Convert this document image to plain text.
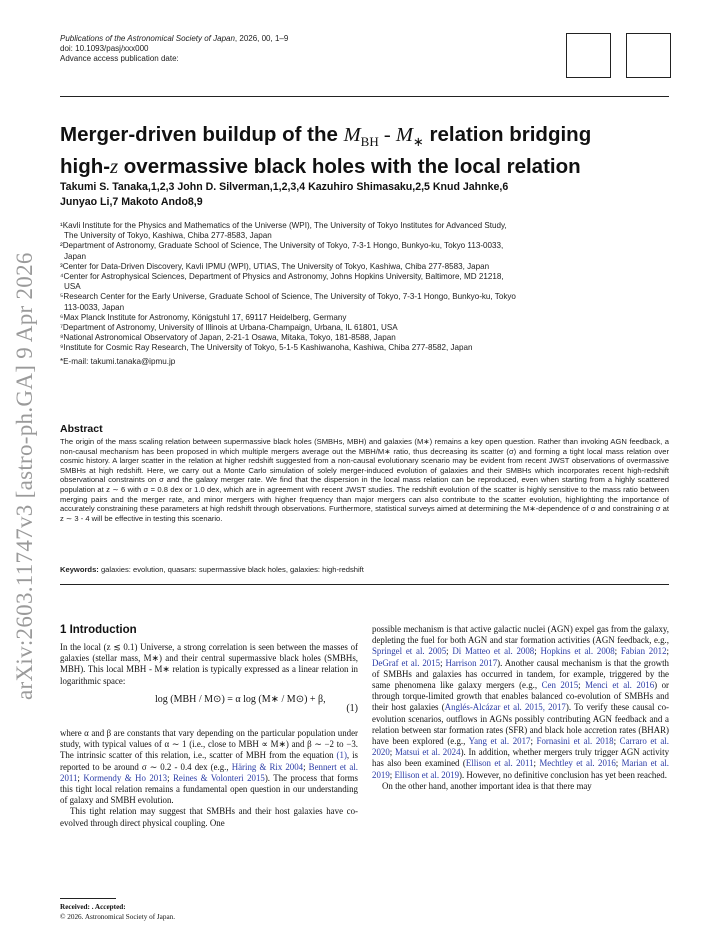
Publications of the Astronomical Society of Japan, 2026, 00, 1–9
doi: 10.1093/pasj/xxx000
Advance access publication date:
Merger-driven buildup of the $M_{BH} - M_∗$ relation bridging
high-z overmassive black holes with the local relation
Takumi S. Tanaka,1,2,3 John D. Silverman,1,2,3,4 Kazuhiro Shimasaku,2,5 Knud Jahnke,6
Junyao Li,7 Makoto Ando8,9

¹Kavli Institute for the Physics and Mathematics of the Universe (WPI), The University of Tokyo Institutes for Advanced Study,

The University of Tokyo, Kashiwa, Chiba 277-8583, Japan

²Department of Astronomy, Graduate School of Science, The University of Tokyo, 7-3-1 Hongo, Bunkyo-ku, Tokyo 113-0033,

Japan

³Center for Data-Driven Discovery, Kavli IPMU (WPI), UTIAS, The University of Tokyo, Kashiwa, Chiba 277-8583, Japan

⁴Center for Astrophysical Sciences, Department of Physics and Astronomy, Johns Hopkins University, Baltimore, MD 21218,

USA

⁵Research Center for the Early Universe, Graduate School of Science, The University of Tokyo, 7-3-1 Hongo, Bunkyo-ku, Tokyo

113-0033, Japan

⁶Max Planck Institute for Astronomy, Königstuhl 17, 69117 Heidelberg, Germany

⁷Department of Astronomy, University of Illinois at Urbana-Champaign, Urbana, IL 61801, USA

⁸National Astronomical Observatory of Japan, 2-21-1 Osawa, Mitaka, Tokyo, 181-8588, Japan

⁹Institute for Cosmic Ray Research, The University of Tokyo, 5-1-5 Kashiwanoha, Kashiwa, Chiba 277-8582, Japan

*E-mail: takumi.tanaka@ipmu.jp

arXiv:2603.11747v3 [astro-ph.GA] 9 Apr 2026	Abstract
The origin of the mass scaling relation between supermassive black holes (SMBHs, MBH) and galaxies (M∗) remains a key open question. Rather than invoking AGN feedback, a non-causal mechanism has been proposed in which multiple mergers average out the MBH/M∗ ratio, thus decreasing its scatter (σ) and forming a tight local mass relation over cosmic history. A larger scatter in the relation at higher redshift suggested from a non-causal evolutionary scenario may be evident from recent JWST observations of overmassive SMBHs at high redshift. Here, we carry out a Monte Carlo simulation of solely merger-induced evolution of galaxies and their SMBHs which incorporates recent high-redshift observational constraints on σ and the galaxy merger rate. We find that the dispersion in the local mass relation can be reproduced, even when starting from a highly scattered population at z ∼ 6 with σ = 0.8 dex or 1.0 dex, which are in agreement with recent JWST studies. The redshift evolution of the scatter is highly sensitive to the mass ratio between merging pairs and the merger rate, and minor mergers with higher frequency than major mergers can also contribute to the scatter evolution, highlighting the importance of accurately constraining these parameters at high redshift through observations. Furthermore, statistical surveys aimed at determining the M∗-dependence of σ and constraining σ at z ∼ 3 - 4 will be effective in testing this scenario.
Keywords: galaxies: evolution, quasars: supermassive black holes, galaxies: high-redshift
1 Introduction

In the local (z ≲ 0.1) Universe, a strong correlation is seen between the masses of galaxies (stellar mass, M∗) and their central supermassive black holes (SMBHs, MBH). This local MBH - M∗ relation is typically expressed as a linear relation in logarithmic space:

log (MBH / M⊙) = α log (M∗ / M⊙) + β,
(1)

where α and β are constants that vary depending on the particular population under study, with typical values of α ∼ 1 (i.e., close to MBH ∝ M∗) and β ∼ −2 to −3. The intrinsic scatter of this relation, i.e., scatter of MBH from the equation (1), is reported to be around σ ∼ 0.2 - 0.4 dex (e.g., Häring & Rix 2004; Bennert et al. 2011; Kormendy & Ho 2013; Reines & Volonteri 2015). The process that forms this tight local relation remains a fundamental open question in our understanding of galaxy and SMBH evolution.

This tight relation may suggest that SMBHs and their host galaxies have co-evolved through direct physical coupling. One

possible mechanism is that active galactic nuclei (AGN) expel gas from the galaxy, depleting the fuel for both AGN and star formation activities (AGN feedback, e.g., Springel et al. 2005; Di Matteo et al. 2008; Hopkins et al. 2008; Fabian 2012; DeGraf et al. 2015; Harrison 2017). Another causal mechanism is that the growth of SMBHs and galaxies has occurred in tandem, for example, triggered by the same phenomena like galaxy mergers (e.g., Cen 2015; Menci et al. 2016) or through torque-limited growth that enables balanced co-evolution of SMBHs and their host galaxies (Anglés-Alcázar et al. 2015, 2017). To verify these causal co-evolution scenarios, outflows in AGNs possibly contributing AGN feedback and a relation between star formation rates (SFR) and black hole accretion rates (BHAR) have been explored (e.g., Yang et al. 2017; Fornasini et al. 2018; Carraro et al. 2020; Matsui et al. 2024). In addition, whether mergers truly trigger AGN activity has also been examined (Ellison et al. 2011; Mechtley et al. 2016; Marian et al. 2019; Ellison et al. 2019). However, no definitive conclusion has yet been reached.

On the other hand, another important idea is that there may

Received: . Accepted:
© 2026. Astronomical Society of Japan.
